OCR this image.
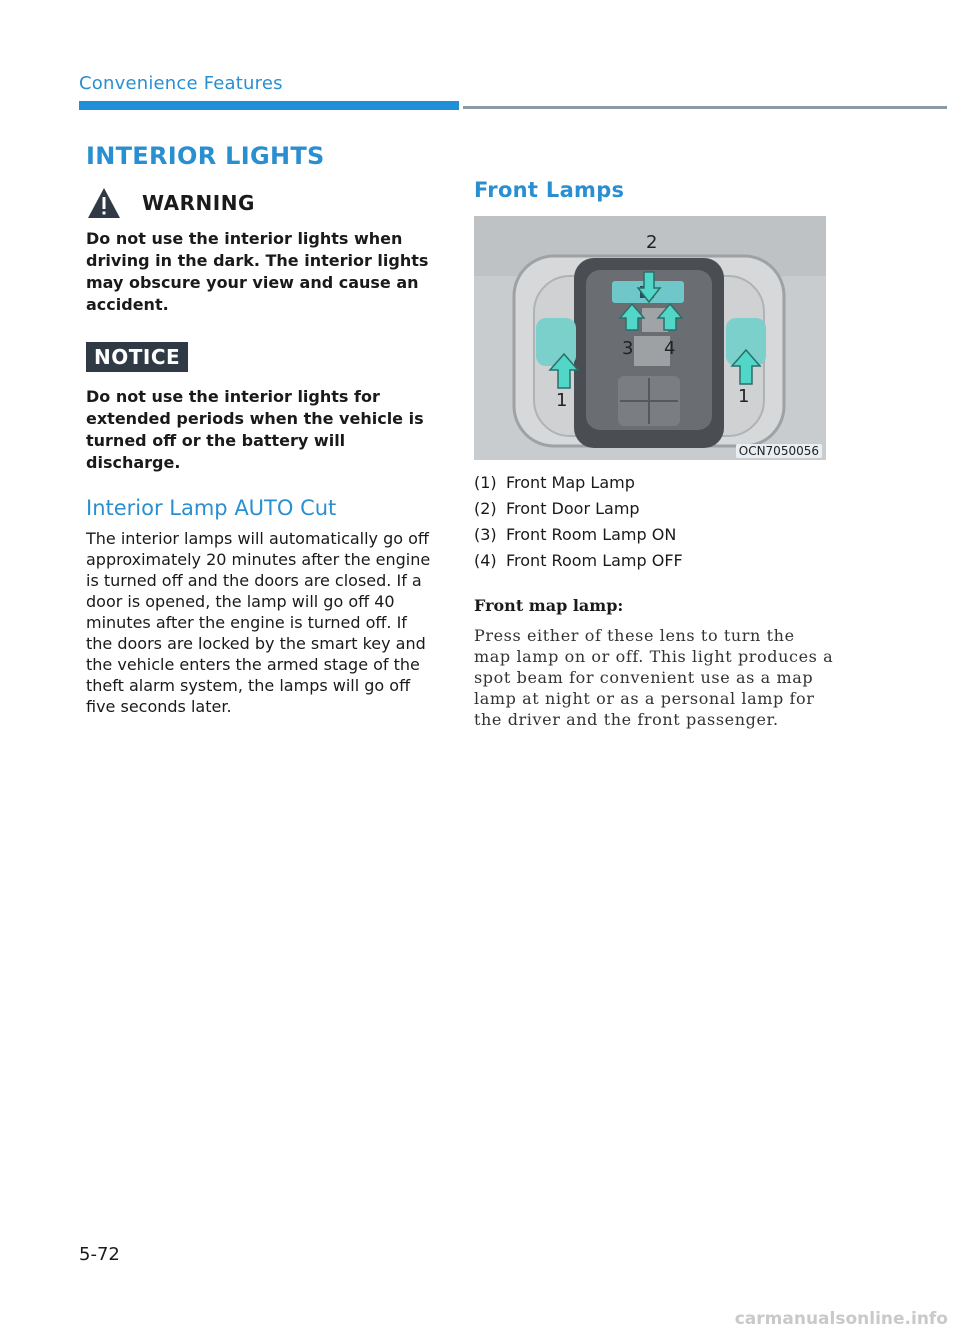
Convenience Features
INTERIOR LIGHTS
WARNING

Do not use the interior lights when driving in the dark. The interior lights may obscure your view and cause an accident.

NOTICE

Do not use the interior lights for extended periods when the vehicle is turned off or the battery will discharge.

Interior Lamp AUTO Cut

The interior lamps will automatically go off approximately 20 minutes after the engine is turned off and the doors are closed. If a door is opened, the lamp will go off 40 minutes after the engine is turned off. If the doors are locked by the smart key and the vehicle enters the armed stage of the theft alarm system, the lamps will go off five seconds later.

Front Lamps
2
3 4
1	1
OCN7050056
(1) Front Map Lamp
(2) Front Door Lamp
(3) Front Room Lamp ON
(4) Front Room Lamp OFF

Front map lamp:

Press either of these lens to turn the map lamp on or off. This light produces a spot beam for convenient use as a map lamp at night or as a personal lamp for the driver and the front passenger.

5-72
carmanualsonline.info
